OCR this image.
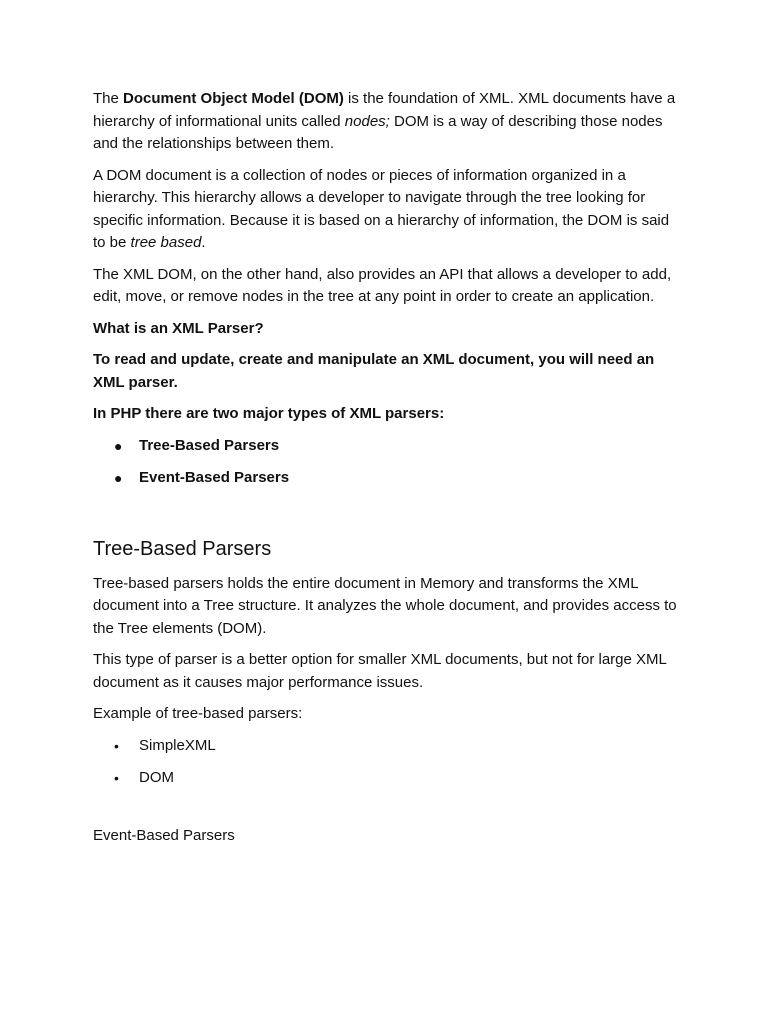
The Document Object Model (DOM) is the foundation of XML. XML documents have a hierarchy of informational units called nodes; DOM is a way of describing those nodes and the relationships between them.

A DOM document is a collection of nodes or pieces of information organized in a hierarchy. This hierarchy allows a developer to navigate through the tree looking for specific information. Because it is based on a hierarchy of information, the DOM is said to be tree based.

The XML DOM, on the other hand, also provides an API that allows a developer to add, edit, move, or remove nodes in the tree at any point in order to create an application.

What is an XML Parser?

To read and update, create and manipulate an XML document, you will need an XML parser.

In PHP there are two major types of XML parsers:

● Tree-Based Parsers
● Event-Based Parsers
Tree-Based Parsers

Tree-based parsers holds the entire document in Memory and transforms the XML document into a Tree structure. It analyzes the whole document, and provides access to the Tree elements (DOM).

This type of parser is a better option for smaller XML documents, but not for large XML document as it causes major performance issues.

Example of tree-based parsers:

• SimpleXML
• DOM

Event-Based Parsers
